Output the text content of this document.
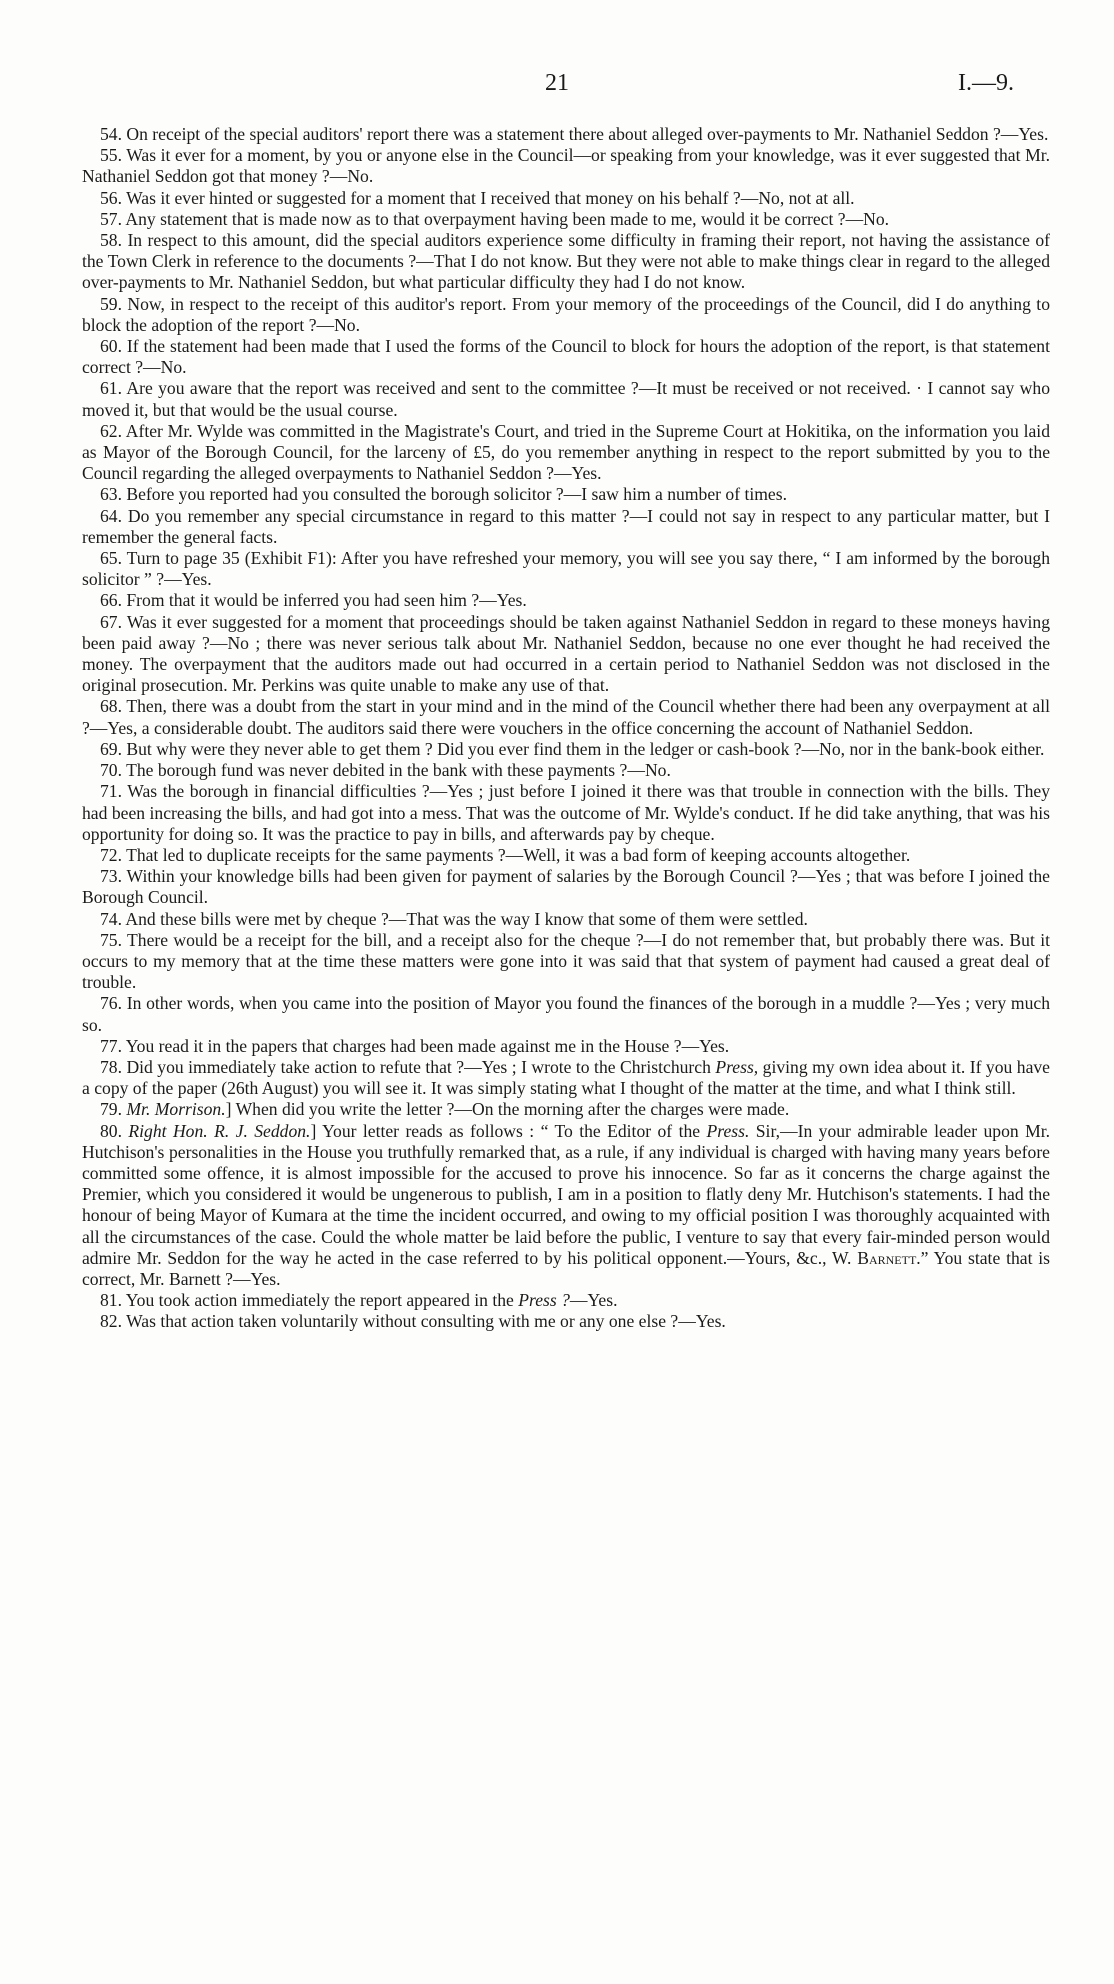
21	I.—9.

54. On receipt of the special auditors' report there was a statement there about alleged over-payments to Mr. Nathaniel Seddon ?—Yes.

55. Was it ever for a moment, by you or anyone else in the Council—or speaking from your knowledge, was it ever suggested that Mr. Nathaniel Seddon got that money ?—No.

56. Was it ever hinted or suggested for a moment that I received that money on his behalf ?—No, not at all.

57. Any statement that is made now as to that overpayment having been made to me, would it be correct ?—No.

58. In respect to this amount, did the special auditors experience some difficulty in framing their report, not having the assistance of the Town Clerk in reference to the documents ?—That I do not know. But they were not able to make things clear in regard to the alleged over-payments to Mr. Nathaniel Seddon, but what particular difficulty they had I do not know.

59. Now, in respect to the receipt of this auditor's report. From your memory of the proceedings of the Council, did I do anything to block the adoption of the report ?—No.

60. If the statement had been made that I used the forms of the Council to block for hours the adoption of the report, is that statement correct ?—No.

61. Are you aware that the report was received and sent to the committee ?—It must be received or not received. · I cannot say who moved it, but that would be the usual course.

62. After Mr. Wylde was committed in the Magistrate's Court, and tried in the Supreme Court at Hokitika, on the information you laid as Mayor of the Borough Council, for the larceny of £5, do you remember anything in respect to the report submitted by you to the Council regarding the alleged overpayments to Nathaniel Seddon ?—Yes.

63. Before you reported had you consulted the borough solicitor ?—I saw him a number of times.

64. Do you remember any special circumstance in regard to this matter ?—I could not say in respect to any particular matter, but I remember the general facts.

65. Turn to page 35 (Exhibit F1): After you have refreshed your memory, you will see you say there, “ I am informed by the borough solicitor ” ?—Yes.

66. From that it would be inferred you had seen him ?—Yes.

67. Was it ever suggested for a moment that proceedings should be taken against Nathaniel Seddon in regard to these moneys having been paid away ?—No ; there was never serious talk about Mr. Nathaniel Seddon, because no one ever thought he had received the money. The overpayment that the auditors made out had occurred in a certain period to Nathaniel Seddon was not disclosed in the original prosecution. Mr. Perkins was quite unable to make any use of that.

68. Then, there was a doubt from the start in your mind and in the mind of the Council whether there had been any overpayment at all ?—Yes, a considerable doubt. The auditors said there were vouchers in the office concerning the account of Nathaniel Seddon.

69. But why were they never able to get them ? Did you ever find them in the ledger or cash-book ?—No, nor in the bank-book either.

70. The borough fund was never debited in the bank with these payments ?—No.

71. Was the borough in financial difficulties ?—Yes ; just before I joined it there was that trouble in connection with the bills. They had been increasing the bills, and had got into a mess. That was the outcome of Mr. Wylde's conduct. If he did take anything, that was his opportunity for doing so. It was the practice to pay in bills, and afterwards pay by cheque.

72. That led to duplicate receipts for the same payments ?—Well, it was a bad form of keeping accounts altogether.

73. Within your knowledge bills had been given for payment of salaries by the Borough Council ?—Yes ; that was before I joined the Borough Council.

74. And these bills were met by cheque ?—That was the way I know that some of them were settled.

75. There would be a receipt for the bill, and a receipt also for the cheque ?—I do not remember that, but probably there was. But it occurs to my memory that at the time these matters were gone into it was said that that system of payment had caused a great deal of trouble.

76. In other words, when you came into the position of Mayor you found the finances of the borough in a muddle ?—Yes ; very much so.

77. You read it in the papers that charges had been made against me in the House ?—Yes.

78. Did you immediately take action to refute that ?—Yes ; I wrote to the Christchurch Press, giving my own idea about it. If you have a copy of the paper (26th August) you will see it. It was simply stating what I thought of the matter at the time, and what I think still.

79. Mr. Morrison.] When did you write the letter ?—On the morning after the charges were made.

80. Right Hon. R. J. Seddon.] Your letter reads as follows : “ To the Editor of the Press. Sir,—In your admirable leader upon Mr. Hutchison's personalities in the House you truthfully remarked that, as a rule, if any individual is charged with having many years before committed some offence, it is almost impossible for the accused to prove his innocence. So far as it concerns the charge against the Premier, which you considered it would be ungenerous to publish, I am in a position to flatly deny Mr. Hutchison's statements. I had the honour of being Mayor of Kumara at the time the incident occurred, and owing to my official position I was thoroughly acquainted with all the circumstances of the case. Could the whole matter be laid before the public, I venture to say that every fair-minded person would admire Mr. Seddon for the way he acted in the case referred to by his political opponent.—Yours, &c., W. Barnett.” You state that is correct, Mr. Barnett ?—Yes.

81. You took action immediately the report appeared in the Press ?—Yes.

82. Was that action taken voluntarily without consulting with me or any one else ?—Yes.
